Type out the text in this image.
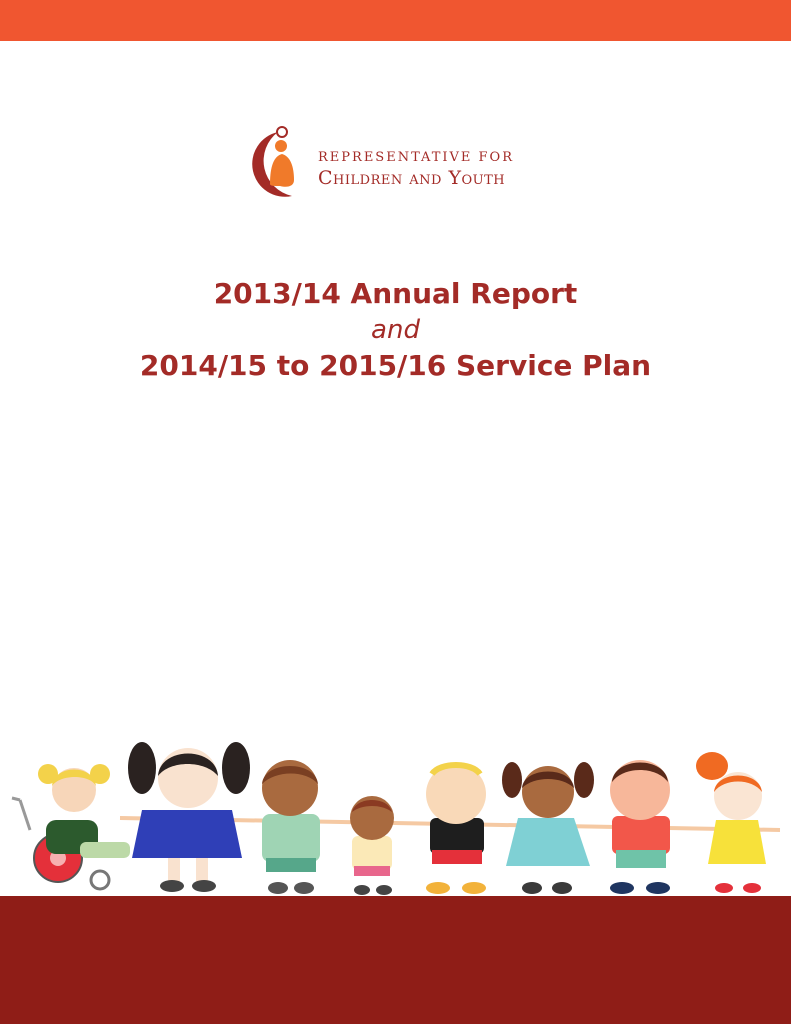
REPRESENTATIVE FOR
Children and Youth
2013/14 Annual Report
and
2014/15 to 2015/16 Service Plan
